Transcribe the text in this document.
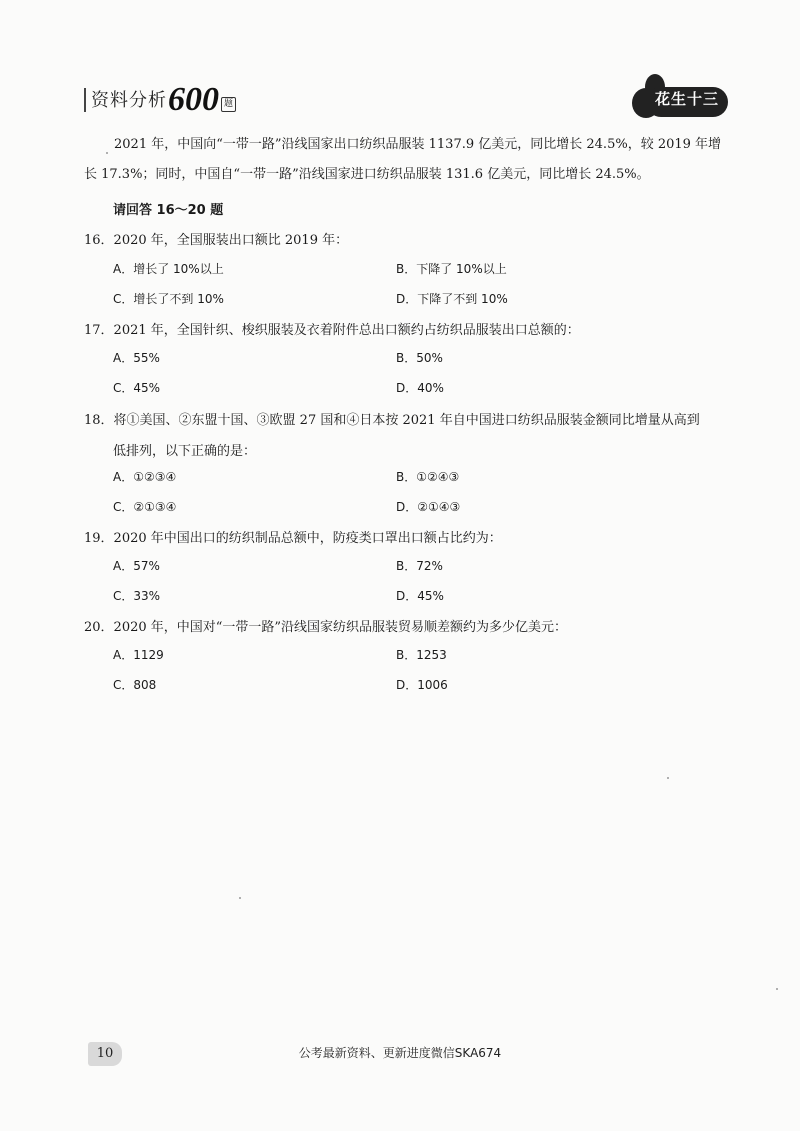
资料分析 600 题	花生十三
2021 年，中国向“一带一路”沿线国家出口纺织品服装 1137.9 亿美元，同比增长 24.5%，较 2019 年增长 17.3%；同时，中国自“一带一路”沿线国家进口纺织品服装 131.6 亿美元，同比增长 24.5%。
请回答 16～20 题
16．2020 年，全国服装出口额比 2019 年：
A．增长了 10%以上	B．下降了 10%以上
C．增长了不到 10%	D．下降了不到 10%
17．2021 年，全国针织、梭织服装及衣着附件总出口额约占纺织品服装出口总额的：
A．55%	B．50%
C．45%	D．40%
18．将①美国、②东盟十国、③欧盟 27 国和④日本按 2021 年自中国进口纺织品服装金额同比增量从高到
低排列，以下正确的是：
A．①②③④	B．①②④③
C．②①③④	D．②①④③
19．2020 年中国出口的纺织制品总额中，防疫类口罩出口额占比约为：
A．57%	B．72%
C．33%	D．45%
20．2020 年，中国对“一带一路”沿线国家纺织品服装贸易顺差额约为多少亿美元：
A．1129	B．1253
C．808	D．1006
10	公考最新资料、更新进度微信SKA674
